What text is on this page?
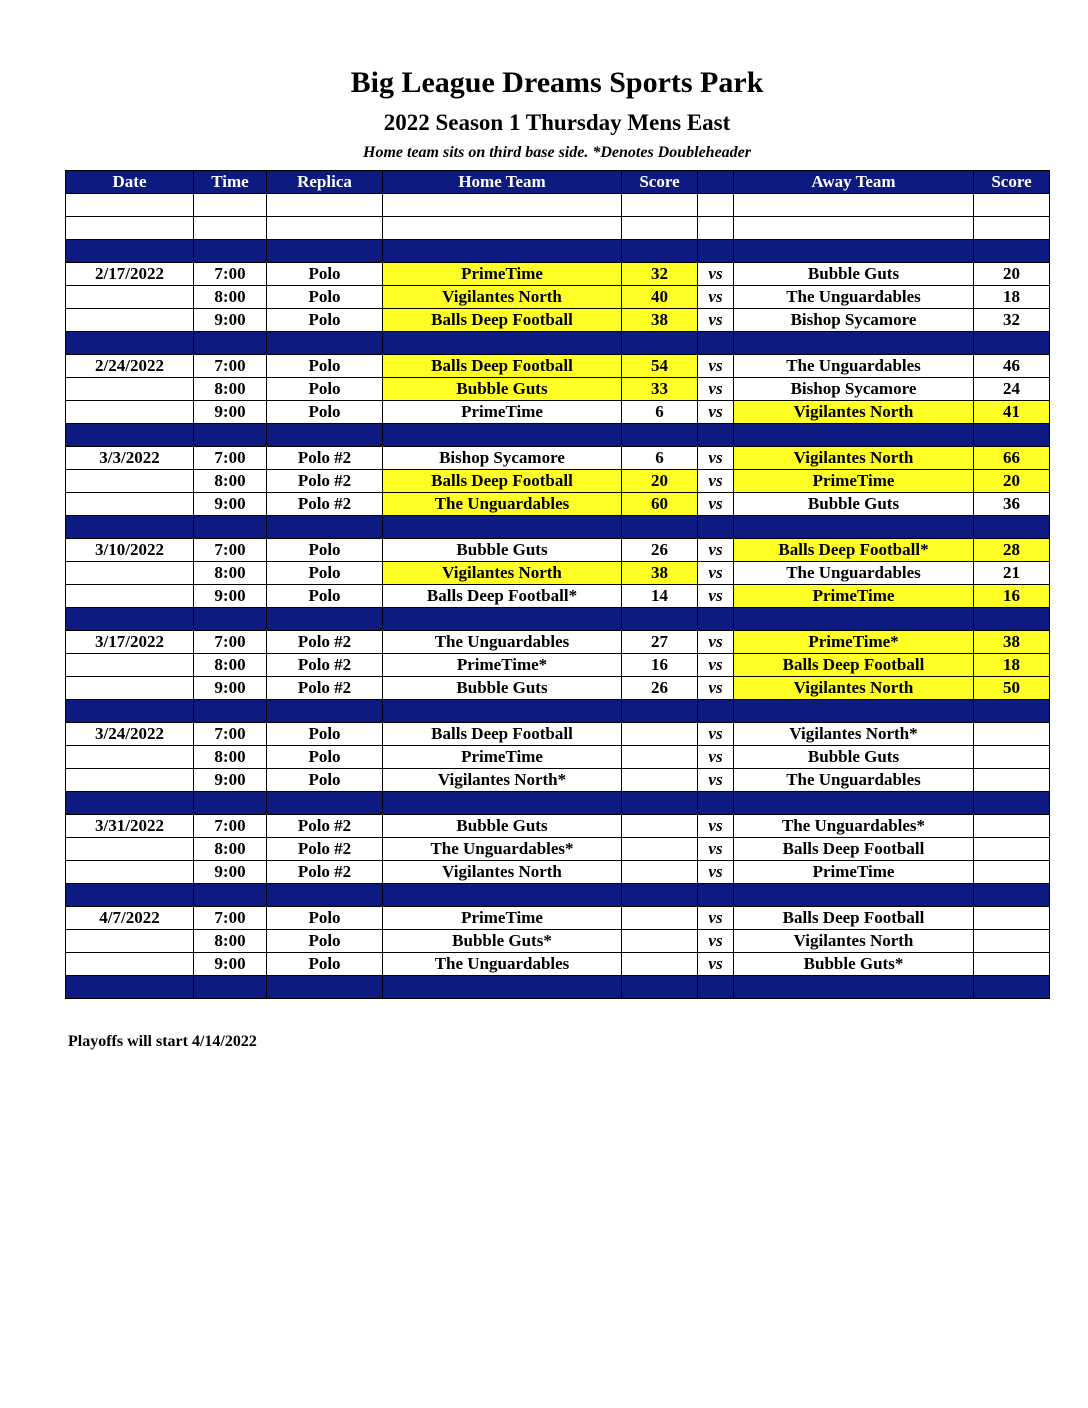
Big League Dreams Sports Park
2022 Season 1 Thursday Mens East
Home team sits on third base side. *Denotes Doubleheader
Date	Time	Replica	Home Team	Score		Away Team	Score

2/17/2022	7:00	Polo	PrimeTime	32	vs	Bubble Guts	20
	8:00	Polo	Vigilantes North	40	vs	The Unguardables	18
	9:00	Polo	Balls Deep Football	38	vs	Bishop Sycamore	32

2/24/2022	7:00	Polo	Balls Deep Football	54	vs	The Unguardables	46
	8:00	Polo	Bubble Guts	33	vs	Bishop Sycamore	24
	9:00	Polo	PrimeTime	6	vs	Vigilantes North	41

3/3/2022	7:00	Polo #2	Bishop Sycamore	6	vs	Vigilantes North	66
	8:00	Polo #2	Balls Deep Football	20	vs	PrimeTime	20
	9:00	Polo #2	The Unguardables	60	vs	Bubble Guts	36

3/10/2022	7:00	Polo	Bubble Guts	26	vs	Balls Deep Football*	28
	8:00	Polo	Vigilantes North	38	vs	The Unguardables	21
	9:00	Polo	Balls Deep Football*	14	vs	PrimeTime	16

3/17/2022	7:00	Polo #2	The Unguardables	27	vs	PrimeTime*	38
	8:00	Polo #2	PrimeTime*	16	vs	Balls Deep Football	18
	9:00	Polo #2	Bubble Guts	26	vs	Vigilantes North	50

3/24/2022	7:00	Polo	Balls Deep Football		vs	Vigilantes North*	
	8:00	Polo	PrimeTime		vs	Bubble Guts	
	9:00	Polo	Vigilantes North*		vs	The Unguardables	

3/31/2022	7:00	Polo #2	Bubble Guts		vs	The Unguardables*	
	8:00	Polo #2	The Unguardables*		vs	Balls Deep Football	
	9:00	Polo #2	Vigilantes North		vs	PrimeTime	

4/7/2022	7:00	Polo	PrimeTime		vs	Balls Deep Football	
	8:00	Polo	Bubble Guts*		vs	Vigilantes North	
	9:00	Polo	The Unguardables		vs	Bubble Guts*	

Playoffs will start 4/14/2022
